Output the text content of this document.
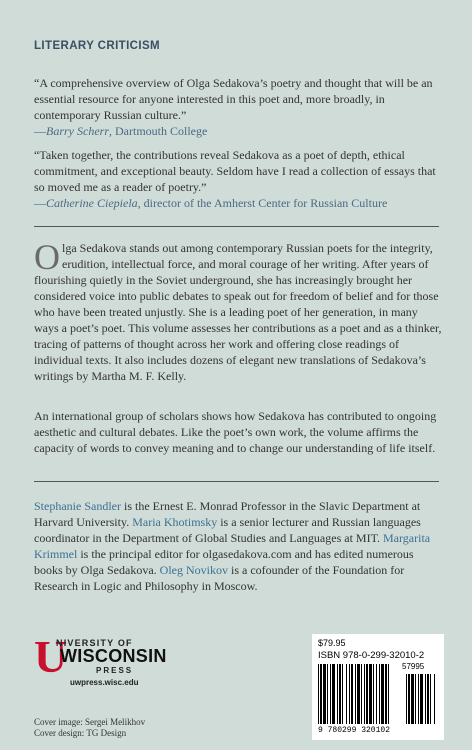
LITERARY CRITICISM
“A comprehensive overview of Olga Sedakova’s poetry and thought that will be an essential resource for anyone interested in this poet and, more broadly, in contemporary Russian culture.”
—Barry Scherr, Dartmouth College
“Taken together, the contributions reveal Sedakova as a poet of depth, ethical commitment, and exceptional beauty. Seldom have I read a collection of essays that so moved me as a reader of poetry.”
—Catherine Ciepiela, director of the Amherst Center for Russian Culture
Olga Sedakova stands out among contemporary Russian poets for the integrity, erudition, intellectual force, and moral courage of her writing. After years of flourishing quietly in the Soviet underground, she has increasingly brought her considered voice into public debates to speak out for freedom of belief and for those who have been treated unjustly. She is a leading poet of her generation, in many ways a poet’s poet. This volume assesses her contributions as a poet and as a thinker, tracing of patterns of thought across her work and offering close readings of individual texts. It also includes dozens of elegant new translations of Sedakova’s writings by Martha M. F. Kelly.
An international group of scholars shows how Sedakova has contributed to ongoing aesthetic and cultural debates. Like the poet’s own work, the volume affirms the capacity of words to convey meaning and to change our understanding of life itself.
Stephanie Sandler is the Ernest E. Monrad Professor in the Slavic Department at Harvard University. Maria Khotimsky is a senior lecturer and Russian languages coordinator in the Department of Global Studies and Languages at MIT. Margarita Krimmel is the principal editor for olgasedakova.com and has edited numerous books by Olga Sedakova. Oleg Novikov is a cofounder of the Foundation for Research in Logic and Philosophy in Moscow.
U
NIVERSITY OF
WISCONSIN
PRESS
uwpress.wisc.edu
Cover image: Sergei Melikhov
Cover design: TG Design
$79.95
ISBN 978-0-299-32010-2
57995
9 780299 320102
